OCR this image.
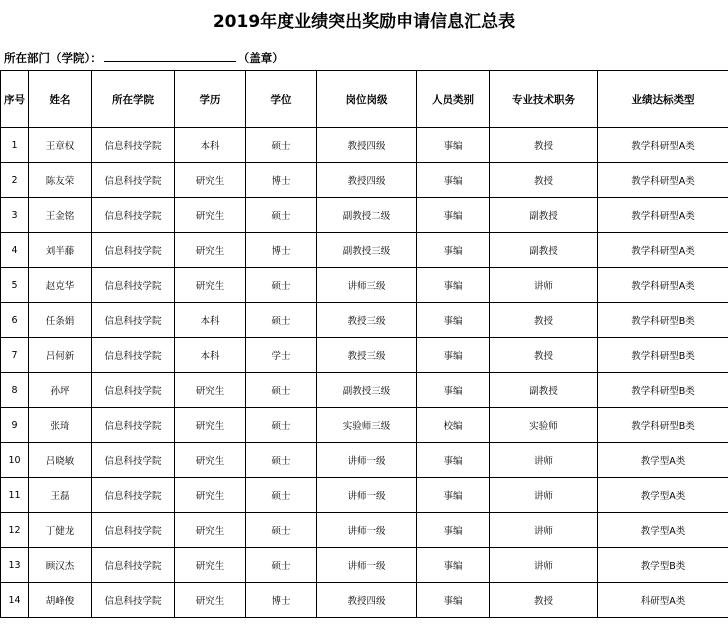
2019年度业绩突出奖励申请信息汇总表
所在部门（学院）：	（盖章）
序号	姓名	所在学院	学历	学位	岗位岗级	人员类别	专业技术职务	业绩达标类型
1	王章权	信息科技学院	本科	硕士	教授四级	事编	教授	教学科研型A类
2	陈友荣	信息科技学院	研究生	博士	教授四级	事编	教授	教学科研型A类
3	王金铭	信息科技学院	研究生	硕士	副教授二级	事编	副教授	教学科研型A类
4	刘半藤	信息科技学院	研究生	博士	副教授三级	事编	副教授	教学科研型A类
5	赵克华	信息科技学院	研究生	硕士	讲师三级	事编	讲师	教学科研型A类
6	任条娟	信息科技学院	本科	硕士	教授三级	事编	教授	教学科研型B类
7	吕何新	信息科技学院	本科	学士	教授三级	事编	教授	教学科研型B类
8	孙坪	信息科技学院	研究生	硕士	副教授三级	事编	副教授	教学科研型B类
9	张琦	信息科技学院	研究生	硕士	实验师三级	校编	实验师	教学科研型B类
10	吕晓敏	信息科技学院	研究生	硕士	讲师一级	事编	讲师	教学型A类
11	王磊	信息科技学院	研究生	硕士	讲师一级	事编	讲师	教学型A类
12	丁健龙	信息科技学院	研究生	硕士	讲师一级	事编	讲师	教学型A类
13	顾汉杰	信息科技学院	研究生	硕士	讲师一级	事编	讲师	教学型B类
14	胡峰俊	信息科技学院	研究生	博士	教授四级	事编	教授	科研型A类
